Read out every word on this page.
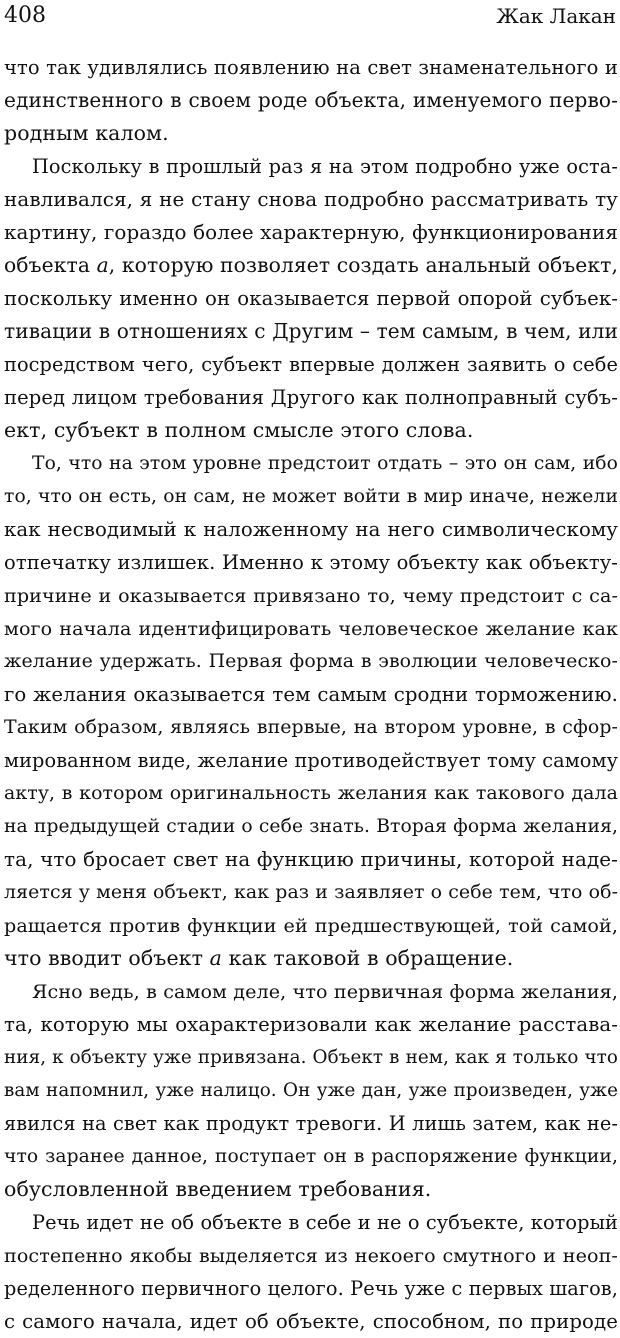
408	Жак Лакан
что так удивлялись появлению на свет знаменательного и
единственного в своем роде объекта, именуемого перво-
родным калом.
Поскольку в прошлый раз я на этом подробно уже оста-
навливался, я не стану снова подробно рассматривать ту
картину, гораздо более характерную, функционирования
объекта а, которую позволяет создать анальный объект,
поскольку именно он оказывается первой опорой субъек-
тивации в отношениях с Другим – тем самым, в чем, или
посредством чего, субъект впервые должен заявить о себе
перед лицом требования Другого как полноправный субъ-
ект, субъект в полном смысле этого слова.
То, что на этом уровне предстоит отдать – это он сам, ибо
то, что он есть, он сам, не может войти в мир иначе, нежели
как несводимый к наложенному на него символическому
отпечатку излишек. Именно к этому объекту как объекту-
причине и оказывается привязано то, чему предстоит с са-
мого начала идентифицировать человеческое желание как
желание удержать. Первая форма в эволюции человеческо-
го желания оказывается тем самым сродни торможению.
Таким образом, являясь впервые, на втором уровне, в сфор-
мированном виде, желание противодействует тому самому
акту, в котором оригинальность желания как такового дала
на предыдущей стадии о себе знать. Вторая форма желания,
та, что бросает свет на функцию причины, которой наде-
ляется у меня объект, как раз и заявляет о себе тем, что об-
ращается против функции ей предшествующей, той самой,
что вводит объект а как таковой в обращение.
Ясно ведь, в самом деле, что первичная форма желания,
та, которую мы охарактеризовали как желание расстава-
ния, к объекту уже привязана. Объект в нем, как я только что
вам напомнил, уже налицо. Он уже дан, уже произведен, уже
явился на свет как продукт тревоги. И лишь затем, как не-
что заранее данное, поступает он в распоряжение функции,
обусловленной введением требования.
Речь идет не об объекте в себе и не о субъекте, который
постепенно якобы выделяется из некоего смутного и неоп-
ределенного первичного целого. Речь уже с первых шагов,
с самого начала, идет об объекте, способном, по природе
